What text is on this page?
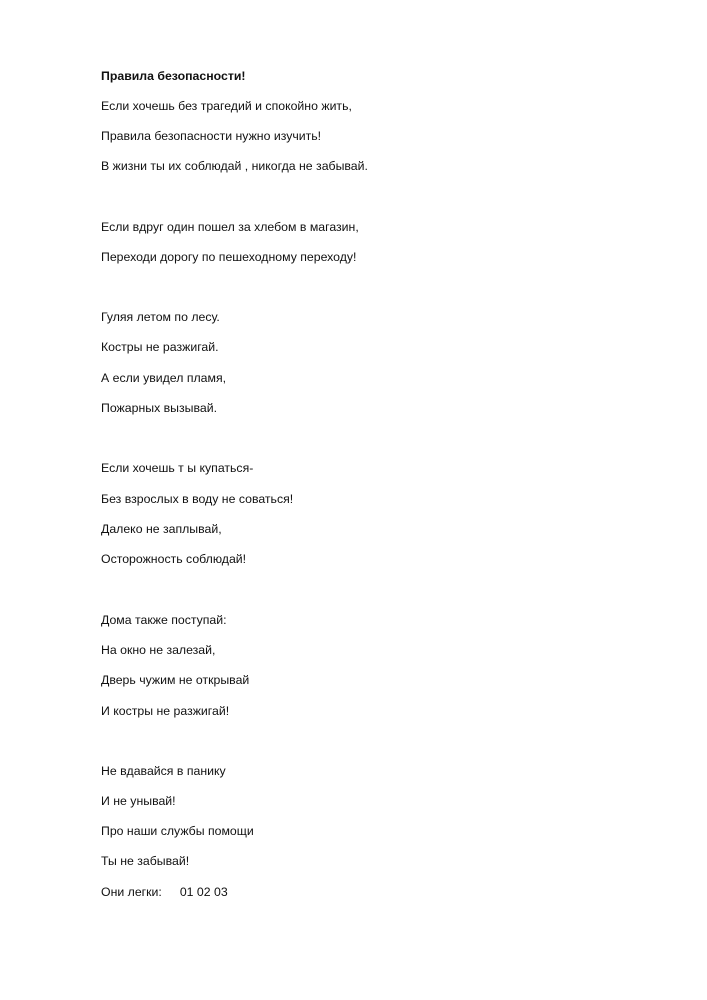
Правила безопасности!
Если хочешь без трагедий и спокойно жить,
Правила безопасности нужно изучить!
В жизни ты их соблюдай , никогда не забывай.
Если вдруг один пошел за хлебом в магазин,
Переходи дорогу по пешеходному переходу!
Гуляя летом по лесу.
Костры не разжигай.
А если увидел пламя,
Пожарных вызывай.
Если хочешь т ы купаться-
Без взрослых в воду не соваться!
Далеко не заплывай,
Осторожность соблюдай!
Дома также поступай:
На окно не залезай,
Дверь чужим не открывай
И костры не разжигай!
Не вдавайся в панику
И не унывай!
Про наши службы помощи
Ты не забывай!
Они легки: 01 02 03
